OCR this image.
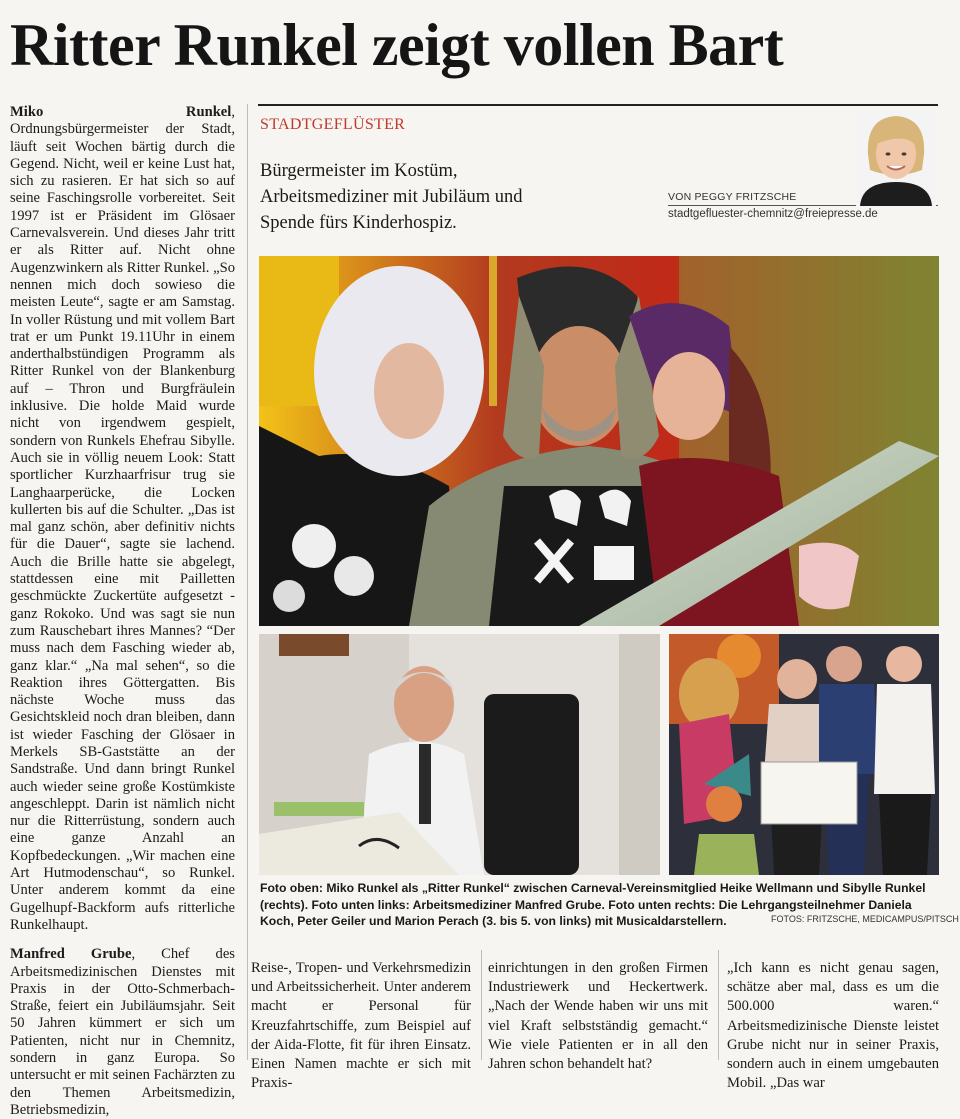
Ritter Runkel zeigt vollen Bart

Miko Runkel, Ordnungsbürgermeister der Stadt, läuft seit Wochen bärtig durch die Gegend. Nicht, weil er keine Lust hat, sich zu rasieren. Er hat sich so auf seine Faschingsrolle vorbereitet. Seit 1997 ist er Präsident im Glösaer Carnevalsverein. Und dieses Jahr tritt er als Ritter auf. Nicht ohne Augenzwinkern als Ritter Runkel. „So nennen mich doch sowieso die meisten Leute“, sagte er am Samstag. In voller Rüstung und mit vollem Bart trat er um Punkt 19.11Uhr in einem anderthalbstündigen Programm als Ritter Runkel von der Blankenburg auf – Thron und Burgfräulein inklusive. Die holde Maid wurde nicht von irgendwem gespielt, sondern von Runkels Ehefrau Sibylle. Auch sie in völlig neuem Look: Statt sportlicher Kurzhaarfrisur trug sie Langhaarperücke, die Locken kullerten bis auf die Schulter. „Das ist mal ganz schön, aber definitiv nichts für die Dauer“, sagte sie lachend. Auch die Brille hatte sie abgelegt, stattdessen eine mit Pailletten geschmückte Zuckertüte aufgesetzt - ganz Rokoko. Und was sagt sie nun zum Rauschebart ihres Mannes? “Der muss nach dem Fasching wieder ab, ganz klar.“ „Na mal sehen“, so die Reaktion ihres Göttergatten. Bis nächste Woche muss das Gesichtskleid noch dran bleiben, dann ist wieder Fasching der Glösaer in Merkels SB-Gaststätte an der Sandstraße. Und dann bringt Runkel auch wieder seine große Kostümkiste angeschleppt. Darin ist nämlich nicht nur die Ritterrüstung, sondern auch eine ganze Anzahl an Kopfbedeckungen. „Wir machen eine Art Hutmodenschau“, so Runkel. Unter anderem kommt da eine Gugelhupf-Backform aufs ritterliche Runkelhaupt.

Manfred Grube, Chef des Arbeitsmedizinischen Dienstes mit Praxis in der Otto-Schmerbach-Straße, feiert ein Jubiläumsjahr. Seit 50 Jahren kümmert er sich um Patienten, nicht nur in Chemnitz, sondern in ganz Europa. So untersucht er mit seinen Fachärzten zu den Themen Arbeitsmedizin, Betriebsmedizin,

STADTGEFLÜSTER
Bürgermeister im Kostüm, Arbeitsmediziner mit Jubiläum und Spende fürs Kinderhospiz.
VON PEGGY FRITZSCHE
stadtgefluester-chemnitz@freiepresse.de
Foto oben: Miko Runkel als „Ritter Runkel“ zwischen Carneval-Vereinsmitglied Heike Wellmann und Sibylle Runkel (rechts). Foto unten links: Arbeitsmediziner Manfred Grube. Foto unten rechts: Die Lehrgangsteilnehmer Daniela Koch, Peter Geiler und Marion Perach (3. bis 5. von links) mit Musicaldarstellern.	FOTOS: FRITZSCHE, MEDICAMPUS/PITSCH
Reise-, Tropen- und Verkehrsmedizin und Arbeitssicherheit. Unter anderem macht er Personal für Kreuzfahrtschiffe, zum Beispiel auf der Aida-Flotte, fit für ihren Einsatz. Einen Namen machte er sich mit Praxis-
einrichtungen in den großen Firmen Industriewerk und Heckertwerk. „Nach der Wende haben wir uns mit viel Kraft selbstständig gemacht.“ Wie viele Patienten er in all den Jahren schon behandelt hat?
„Ich kann es nicht genau sagen, schätze aber mal, dass es um die 500.000 waren.“ Arbeitsmedizinische Dienste leistet Grube nicht nur in seiner Praxis, sondern auch in einem umgebauten Mobil. „Das war
